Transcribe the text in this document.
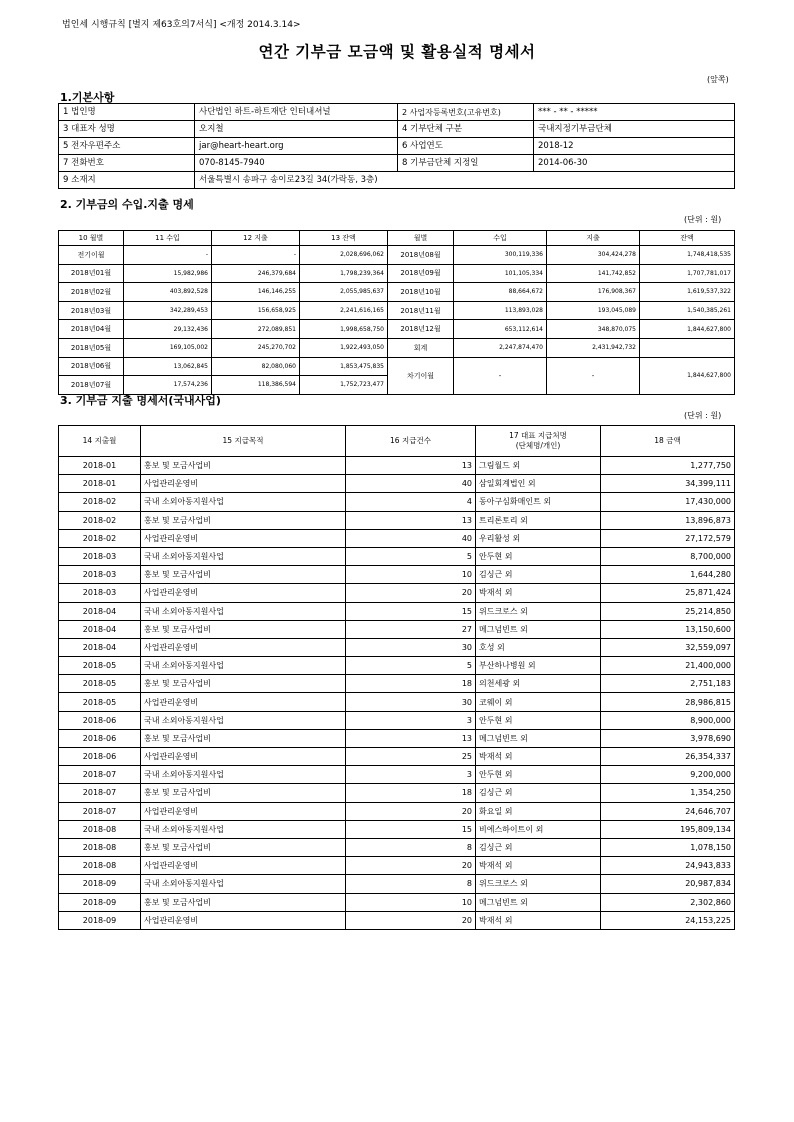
법인세 시행규칙 [별지 제63호의7서식] <개정 2014.3.14>
연간 기부금 모금액 및 활용실적 명세서
(앞쪽)
1.기본사항
1 법인명	사단법인 하트-하트재단 인터내셔널	2 사업자등록번호(고유번호)	*** - ** - *****
3 대표자 성명	오지철	4 기부단체 구분	국내지정기부금단체
5 전자우편주소	jar@heart-heart.org	6 사업연도	2018-12
7 전화번호	070-8145-7940	8 기부금단체 지정일	2014-06-30
9 소재지	서울특별시 송파구 송이로23길 34(가락동, 3층)		
2. 기부금의 수입.지출 명세
(단위 : 원)
10 월별	11 수입	12 지출	13 잔액	월별	수입	지출	잔액
전기이월	-	-	2,028,696,062	2018년08월	300,119,336	304,424,278	1,748,418,535
2018년01월	15,982,986	246,379,684	1,798,239,364	2018년09월	101,105,334	141,742,852	1,707,781,017
2018년02월	403,892,528	146,146,255	2,055,985,637	2018년10월	88,664,672	176,908,367	1,619,537,322
2018년03월	342,289,453	156,658,925	2,241,616,165	2018년11월	113,893,028	193,045,089	1,540,385,261
2018년04월	29,132,436	272,089,851	1,998,658,750	2018년12월	653,112,614	348,870,075	1,844,627,800
2018년05월	169,105,002	245,270,702	1,922,493,050	회계	2,247,874,470	2,431,942,732	
2018년06월	13,062,845	82,080,060	1,853,475,835	차기이월	-	-	1,844,627,800
2018년07월	17,574,236	118,386,594	1,752,723,477				
3. 기부금 지출 명세서(국내사업)
(단위 : 원)
14 지출월	15 지급목적	16 지급건수	17 대표 지급처명
(단체명/개인)	18 금액
2018-01	홍보 및 모금사업비	13	그림월드 외	1,277,750
2018-01	사업관리운영비	40	삼일회계법인 외	34,399,111
2018-02	국내 소외아동지원사업	4	동아구심화매인트 외	17,430,000
2018-02	홍보 및 모금사업비	13	트리론토리 외	13,896,873
2018-02	사업관리운영비	40	우리활성 외	27,172,579
2018-03	국내 소외아동지원사업	5	안두현 외	8,700,000
2018-03	홍보 및 모금사업비	10	김싱근 외	1,644,280
2018-03	사업관리운영비	20	박재석 외	25,871,424
2018-04	국내 소외아동지원사업	15	위드크로스 외	25,214,850
2018-04	홍보 및 모금사업비	27	메그넘빈트 외	13,150,600
2018-04	사업관리운영비	30	호성 외	32,559,097
2018-05	국내 소외아동지원사업	5	부산하나병원 외	21,400,000
2018-05	홍보 및 모금사업비	18	의천세광 외	2,751,183
2018-05	사업관리운영비	30	코웨이 외	28,986,815
2018-06	국내 소외아동지원사업	3	안두현 외	8,900,000
2018-06	홍보 및 모금사업비	13	메그넘빈트 외	3,978,690
2018-06	사업관리운영비	25	박재석 외	26,354,337
2018-07	국내 소외아동지원사업	3	안두현 외	9,200,000
2018-07	홍보 및 모금사업비	18	김싱근 외	1,354,250
2018-07	사업관리운영비	20	화요일 외	24,646,707
2018-08	국내 소외아동지원사업	15	비에스하이트이 외	195,809,134
2018-08	홍보 및 모금사업비	8	김싱근 외	1,078,150
2018-08	사업관리운영비	20	박재석 외	24,943,833
2018-09	국내 소외아동지원사업	8	위드크로스 외	20,987,834
2018-09	홍보 및 모금사업비	10	메그넘빈트 외	2,302,860
2018-09	사업관리운영비	20	박재석 외	24,153,225
